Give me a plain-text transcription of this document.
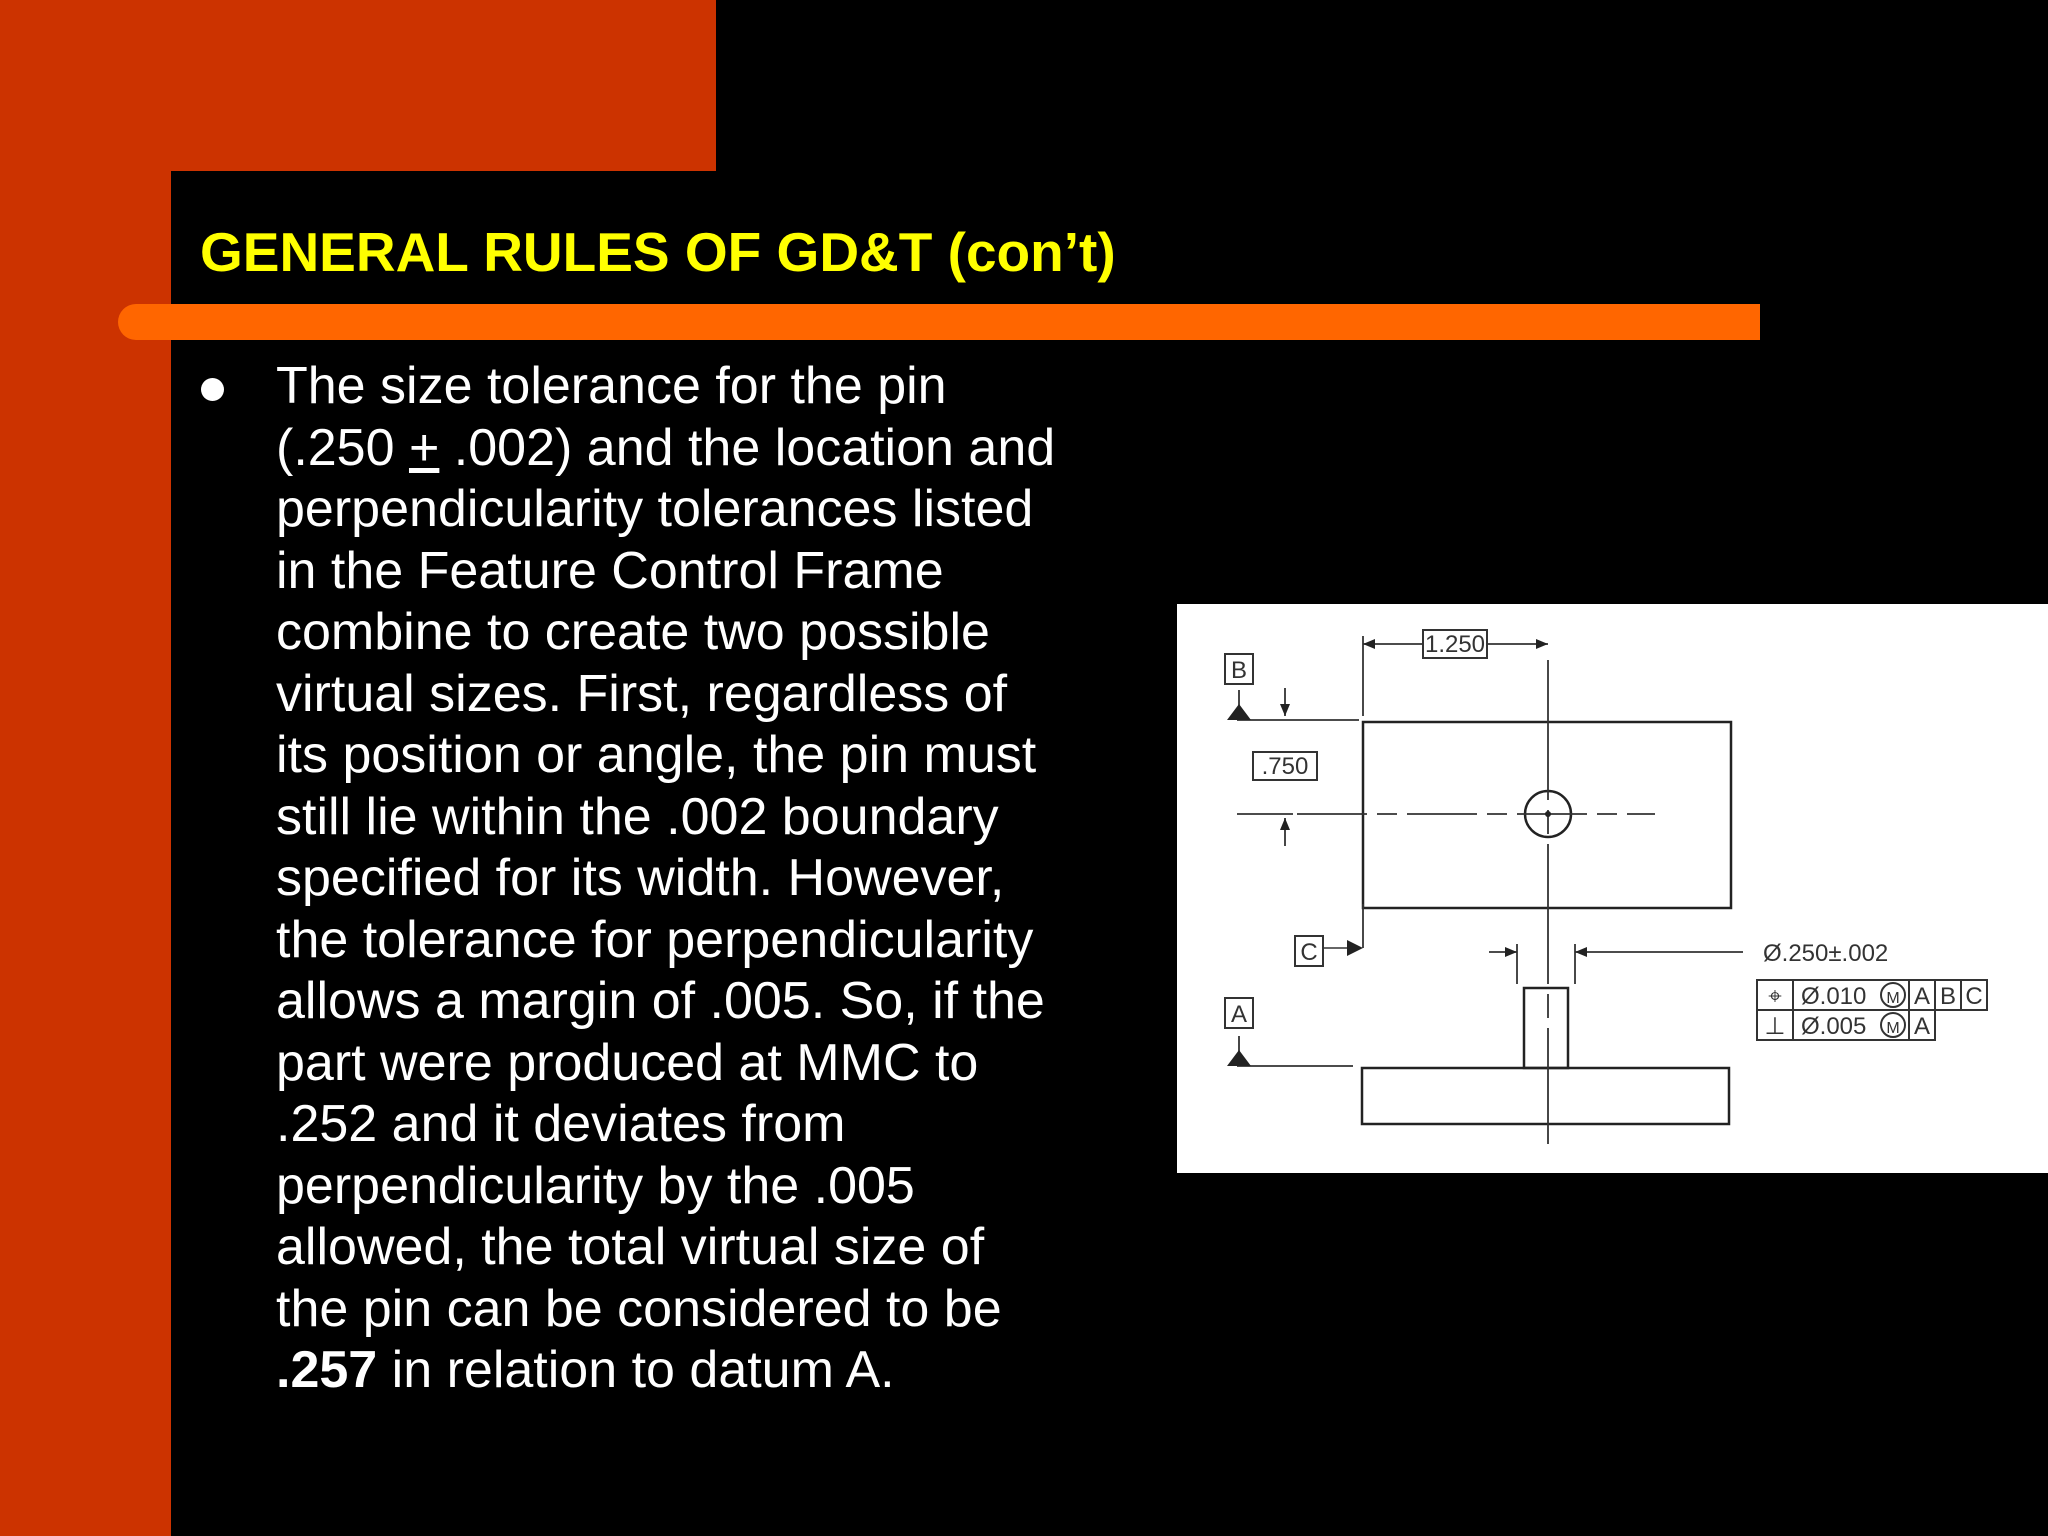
GENERAL RULES OF GD&T (con’t)

The size tolerance for the pin
(.250 + .002) and the location and
perpendicularity tolerances listed
in the Feature Control Frame
combine to create two possible
virtual sizes. First, regardless of
its position or angle, the pin must
still lie within the .002 boundary
specified for its width. However,
the tolerance for perpendicularity
allows a margin of .005. So, if the
part were produced at MMC to
.252 and it deviates from
perpendicularity by the .005
allowed, the total virtual size of
the pin can be considered to be
.257 in relation to datum A.

1.250
.750
B
C
A
Ø.250±.002
⌖ Ø.010 M A B C
⊥ Ø.005 M A
